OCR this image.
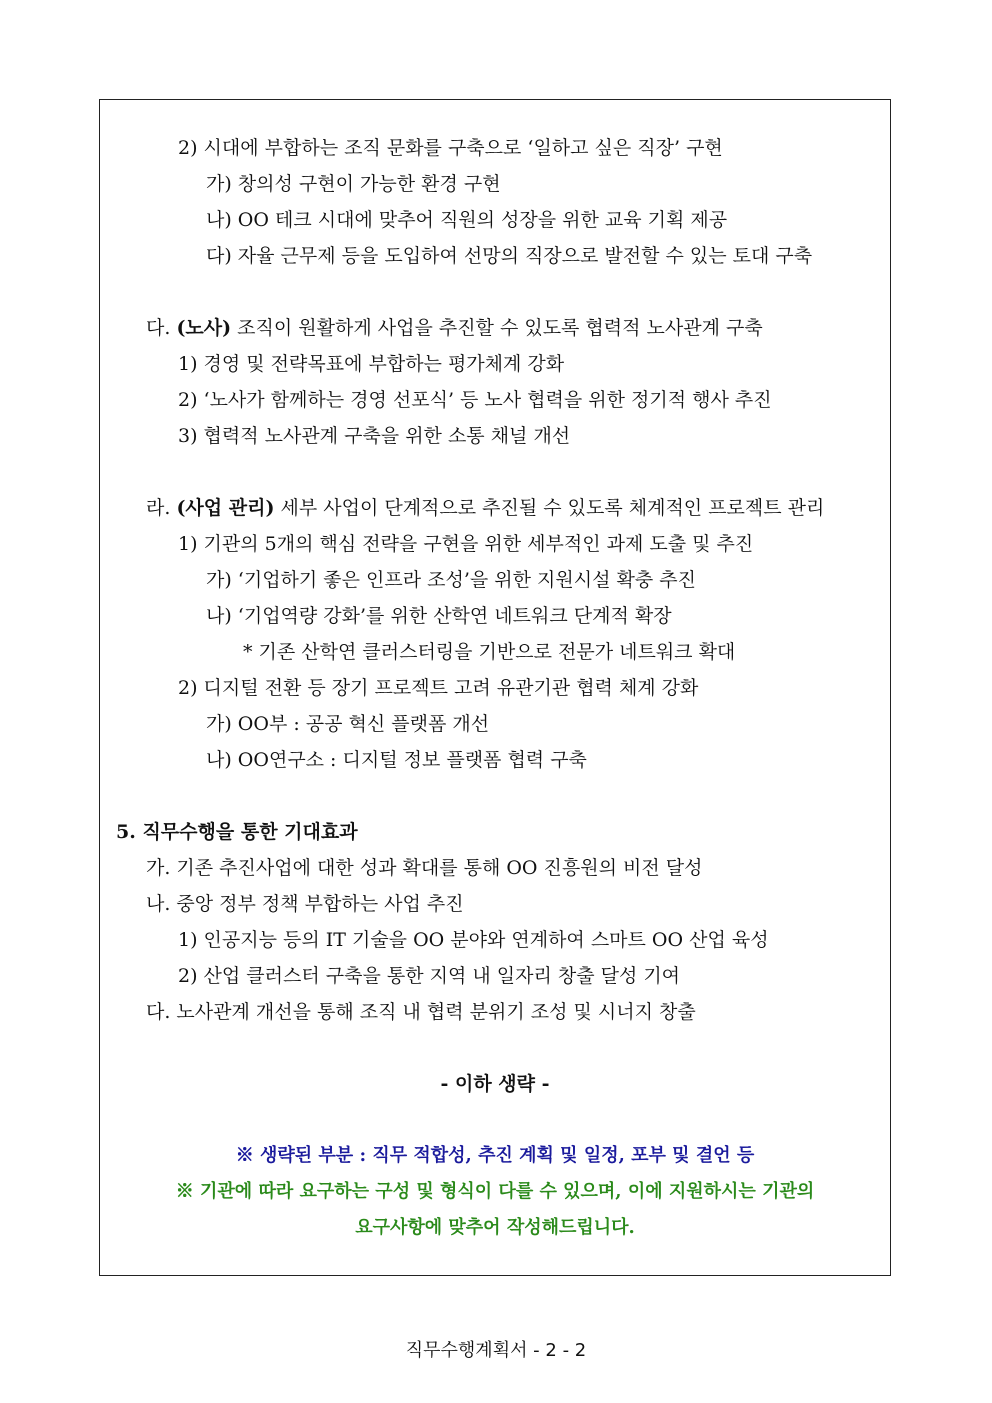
2) 시대에 부합하는 조직 문화를 구축으로 ‘일하고 싶은 직장’ 구현
가) 창의성 구현이 가능한 환경 구현
나) OO 테크 시대에 맞추어 직원의 성장을 위한 교육 기획 제공
다) 자율 근무제 등을 도입하여 선망의 직장으로 발전할 수 있는 토대 구축
다. (노사) 조직이 원활하게 사업을 추진할 수 있도록 협력적 노사관계 구축
1) 경영 및 전략목표에 부합하는 평가체계 강화
2) ‘노사가 함께하는 경영 선포식’ 등 노사 협력을 위한 정기적 행사 추진
3) 협력적 노사관계 구축을 위한 소통 채널 개선
라. (사업 관리) 세부 사업이 단계적으로 추진될 수 있도록 체계적인 프로젝트 관리
1) 기관의 5개의 핵심 전략을 구현을 위한 세부적인 과제 도출 및 추진
가) ‘기업하기 좋은 인프라 조성’을 위한 지원시설 확충 추진
나) ‘기업역량 강화’를 위한 산학연 네트워크 단계적 확장
* 기존 산학연 클러스터링을 기반으로 전문가 네트워크 확대
2) 디지털 전환 등 장기 프로젝트 고려 유관기관 협력 체계 강화
가) OO부 : 공공 혁신 플랫폼 개선
나) OO연구소 : 디지털 정보 플랫폼 협력 구축
5. 직무수행을 통한 기대효과
가. 기존 추진사업에 대한 성과 확대를 통해 OO 진흥원의 비전 달성
나. 중앙 정부 정책 부합하는 사업 추진
1) 인공지능 등의 IT 기술을 OO 분야와 연계하여 스마트 OO 산업 육성
2) 산업 클러스터 구축을 통한 지역 내 일자리 창출 달성 기여
다. 노사관계 개선을 통해 조직 내 협력 분위기 조성 및 시너지 창출
- 이하 생략 -
※ 생략된 부분 : 직무 적합성, 추진 계획 및 일정, 포부 및 결언 등
※ 기관에 따라 요구하는 구성 및 형식이 다를 수 있으며, 이에 지원하시는 기관의
요구사항에 맞추어 작성해드립니다.
직무수행계획서 - 2 - 2
